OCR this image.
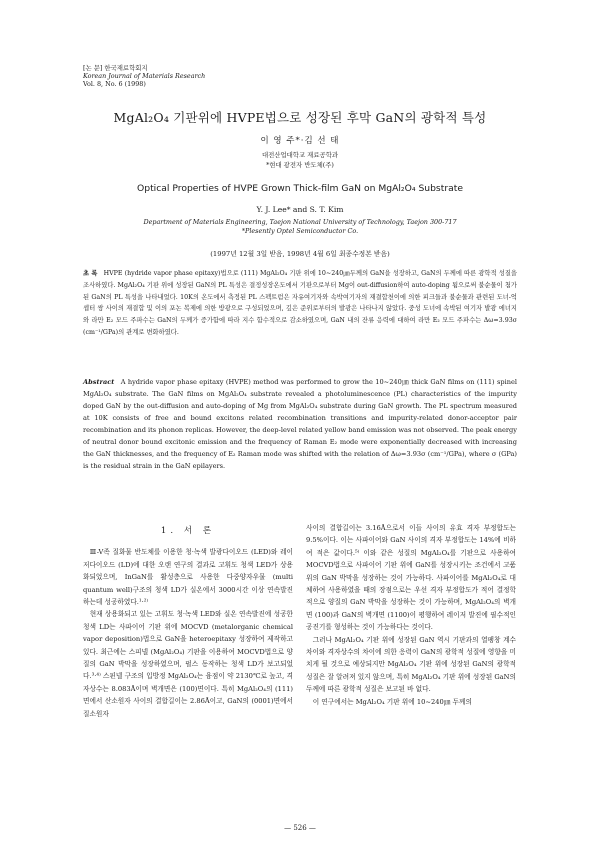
[논 문] 한국재료학회지
Korean Journal of Materials Research
Vol. 8, No. 6 (1998)
MgAl₂O₄ 기판위에 HVPE법으로 성장된 후막 GaN의 광학적 특성
이 영 주*·김 선 태
대전산업대학교 재료공학과
*현대 광전자 반도체(주)
Optical Properties of HVPE Grown Thick-film GaN on MgAl₂O₄ Substrate
Y. J. Lee* and S. T. Kim
Department of Materials Engineering, Taejon National University of Technology, Taejon 300-717
*Plesently Optel Semiconductor Co.
(1997년 12월 3일 받음, 1998년 4월 6일 최종수정본 받음)
초 록 HVPE (hydride vapor phase epitaxy)법으로 (111) MgAl₂O₄ 기판 위에 10~240㎛두께의 GaN을 성장하고, GaN의 두께에 따른 광학적 성질을 조사하였다. MgAl₂O₄ 기판 위에 성장된 GaN의 PL 특성은 결정성장온도에서 기판으로부터 Mg이 out-diffusion하여 auto-doping 됨으로써 불순물이 첨가된 GaN의 PL 특성을 나타내었다. 10K의 온도에서 측정된 PL 스펙트럼은 자유여기자와 속박여기자의 재결합천이에 의한 피크들과 불순물과 관련된 도너-억셉터 쌍 사이의 재결합 및 이의 포논 복제에 의한 방광으로 구성되었으며, 깊은 준위로부터의 발광은 나타나지 않았다. 중성 도너에 속박된 여기자 발광 에너지와 라만 E₂ 모드 주파수는 GaN의 두께가 증가함에 따라 지수 함수적으로 감소하였으며, GaN 내의 잔류 응력에 대하여 라만 E₂ 모드 주파수는 Δω=3.93σ (cm⁻¹/GPa)의 관계로 변화하였다.
Abstract A hydride vapor phase epitaxy (HVPE) method was performed to grow the 10~240㎛ thick GaN films on (111) spinel MgAl₂O₄ substrate. The GaN films on MgAl₂O₄ substrate revealed a photoluminescence (PL) characteristics of the impurity doped GaN by the out-diffusion and auto-doping of Mg from MgAl₂O₄ substrate during GaN growth. The PL spectrum measured at 10K consists of free and bound excitons related recombination transitions and impurity-related donor-acceptor pair recombination and its phonon replicas. However, the deep-level related yellow band emission was not observed. The peak energy of neutral donor bound excitonic emission and the frequency of Raman E₂ mode were exponentially decreased with increasing the GaN thicknesses, and the frequency of E₂ Raman mode was shifted with the relation of Δω=3.93σ (cm⁻¹/GPa), where σ (GPa) is the residual strain in the GaN epilayers.
1. 서 론

Ⅲ-V족 질화물 반도체를 이용한 청·녹색 발광다이오드 (LED)와 레이저다이오드 (LD)에 대한 오랜 연구의 결과로 고휘도 청색 LED가 상용화되었으며, InGaN를 활성층으로 사용한 다중양자우물 (multi quantum well)구조의 청색 LD가 실온에서 3000시간 이상 연속발진 하는데 성공하였다.¹·²⁾

현재 상용화되고 있는 고휘도 청·녹색 LED와 실온 연속발진에 성공한 청색 LD는 사파이어 기판 위에 MOCVD (metalorganic chemical vapor deposition)법으로 GaN을 heteroepitaxy 성장하여 제작하고 있다. 최근에는 스피넬 (MgAl₂O₄) 기판을 이용하여 MOCVD법으로 양질의 GaN 박막을 성장하였으며, 펄스 동작하는 청색 LD가 보고되었다.³·⁴⁾ 스핀넬 구조의 입방정 MgAl₂O₄는 융점이 약 2130℃로 높고, 격자상수는 8.083Å이며 벽개면은 (100)면이다. 특히 MgAl₂O₄의 (111)면에서 산소원자 사이의 결합길이는 2.86Å이고, GaN의 (0001)면에서 질소원자

사이의 결합길이는 3.16Å으로서 이들 사이의 유효 격자 부정합도는 9.5%이다. 이는 사파이어와 GaN 사이의 격자 부정합도는 14%에 비하여 적은 값이다.⁵⁾ 이와 같은 성질의 MgAl₂O₄를 기판으로 사용하여 MOCVD법으로 사파이어 기판 위에 GaN를 성장시키는 조건에서 고품위의 GaN 박막을 성장하는 것이 가능하다. 사파이어를 MgAl₂O₄로 대체하여 사용하였을 때의 장점으로는 우선 격자 부정합도가 적어 결정학적으로 양질의 GaN 박막을 성장하는 것이 가능하며, MgAl₂O₄의 벽개면 (100)과 GaN의 벽개면 (1100)이 평행하여 레이저 발진에 필수적인 공진기를 형성하는 것이 가능하다는 것이다.

그러나 MgAl₂O₄ 기판 위에 성장된 GaN 역시 기판과의 열팽창 계수 차이와 격자상수의 차이에 의한 응력이 GaN의 광학적 성질에 영향을 미치게 될 것으로 예상되지만 MgAl₂O₄ 기판 위에 성장된 GaN의 광학적 성질은 잘 알려져 있지 않으며, 특히 MgAl₂O₄ 기판 위에 성장된 GaN의 두께에 따른 광학적 성질은 보고된 바 없다.

이 연구에서는 MgAl₂O₄ 기판 위에 10~240㎛ 두께의

— 526 —
